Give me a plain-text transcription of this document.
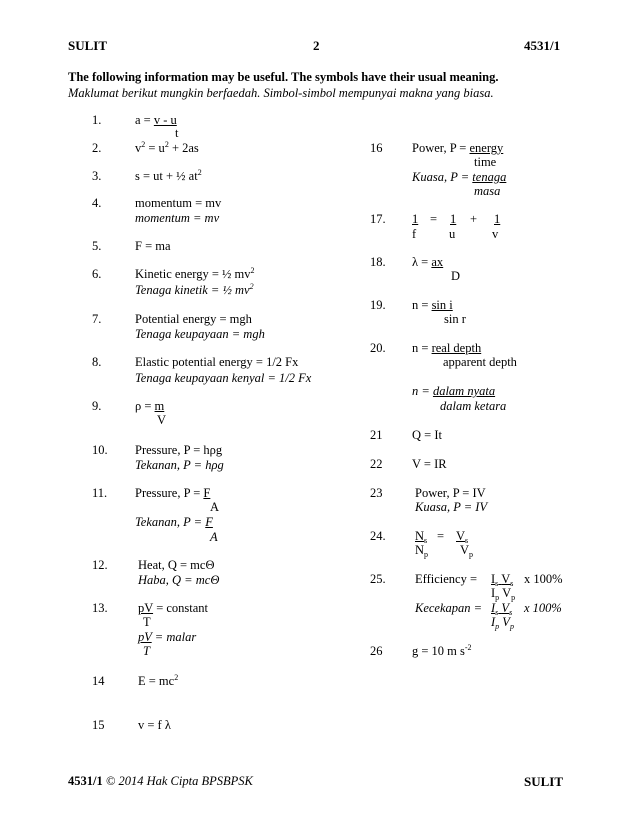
SULIT	2	4531/1
The following information may be useful. The symbols have their usual meaning.
Maklumat berikut mungkin berfaedah. Simbol-simbol mempunyai makna yang biasa.
1.	a = v - u
t
2.	$v^2 = u^2 + 2as$
3.	s = ut + ½ $at^2$
4.	momentum = mv
momentum = mv
5.	F = ma
6.	Kinetic energy = ½ $mv^2$
Tenaga kinetik = ½ $mv^2$
7.	Potential energy = mgh
Tenaga keupayaan = mgh
8.	Elastic potential energy = 1/2 Fx
Tenaga keupayaan kenyal = 1/2 Fx
9.	ρ = m
V
10. Pressure, P = hρg
Tekanan, P = hρg
11. Pressure, P = F
A
Tekanan, P = F
A
12. Heat, Q = mcΘ
Haba, Q = mcΘ
13. pV = constant
T
pV = malar
T
14	$E = mc^2$
15	v = f λ
16 Power, P = energy
time
Kuasa, P = tenaga
masa
17. 1 = 1 + 1
f	u	v
18. λ = ax
D
19. n = sin i
sin r
20. n = real depth
apparent depth
n = dalam nyata
dalam ketara
21 Q = It
22 V = IR
23	Power, P = IV
Kuasa, P = IV
24. $N_s = V_s$
$N_p$	$V_p$
25. Efficiency = $I_s$ $V_s$ x 100%
$I_p$ $V_p$
Kecekapan = $I_s$ $V_s$ x 100%
$I_p$ $V_p$
26 g = 10 m $s^{-2}$
4531/1 © 2014 Hak Cipta BPSBPSK	SULIT
